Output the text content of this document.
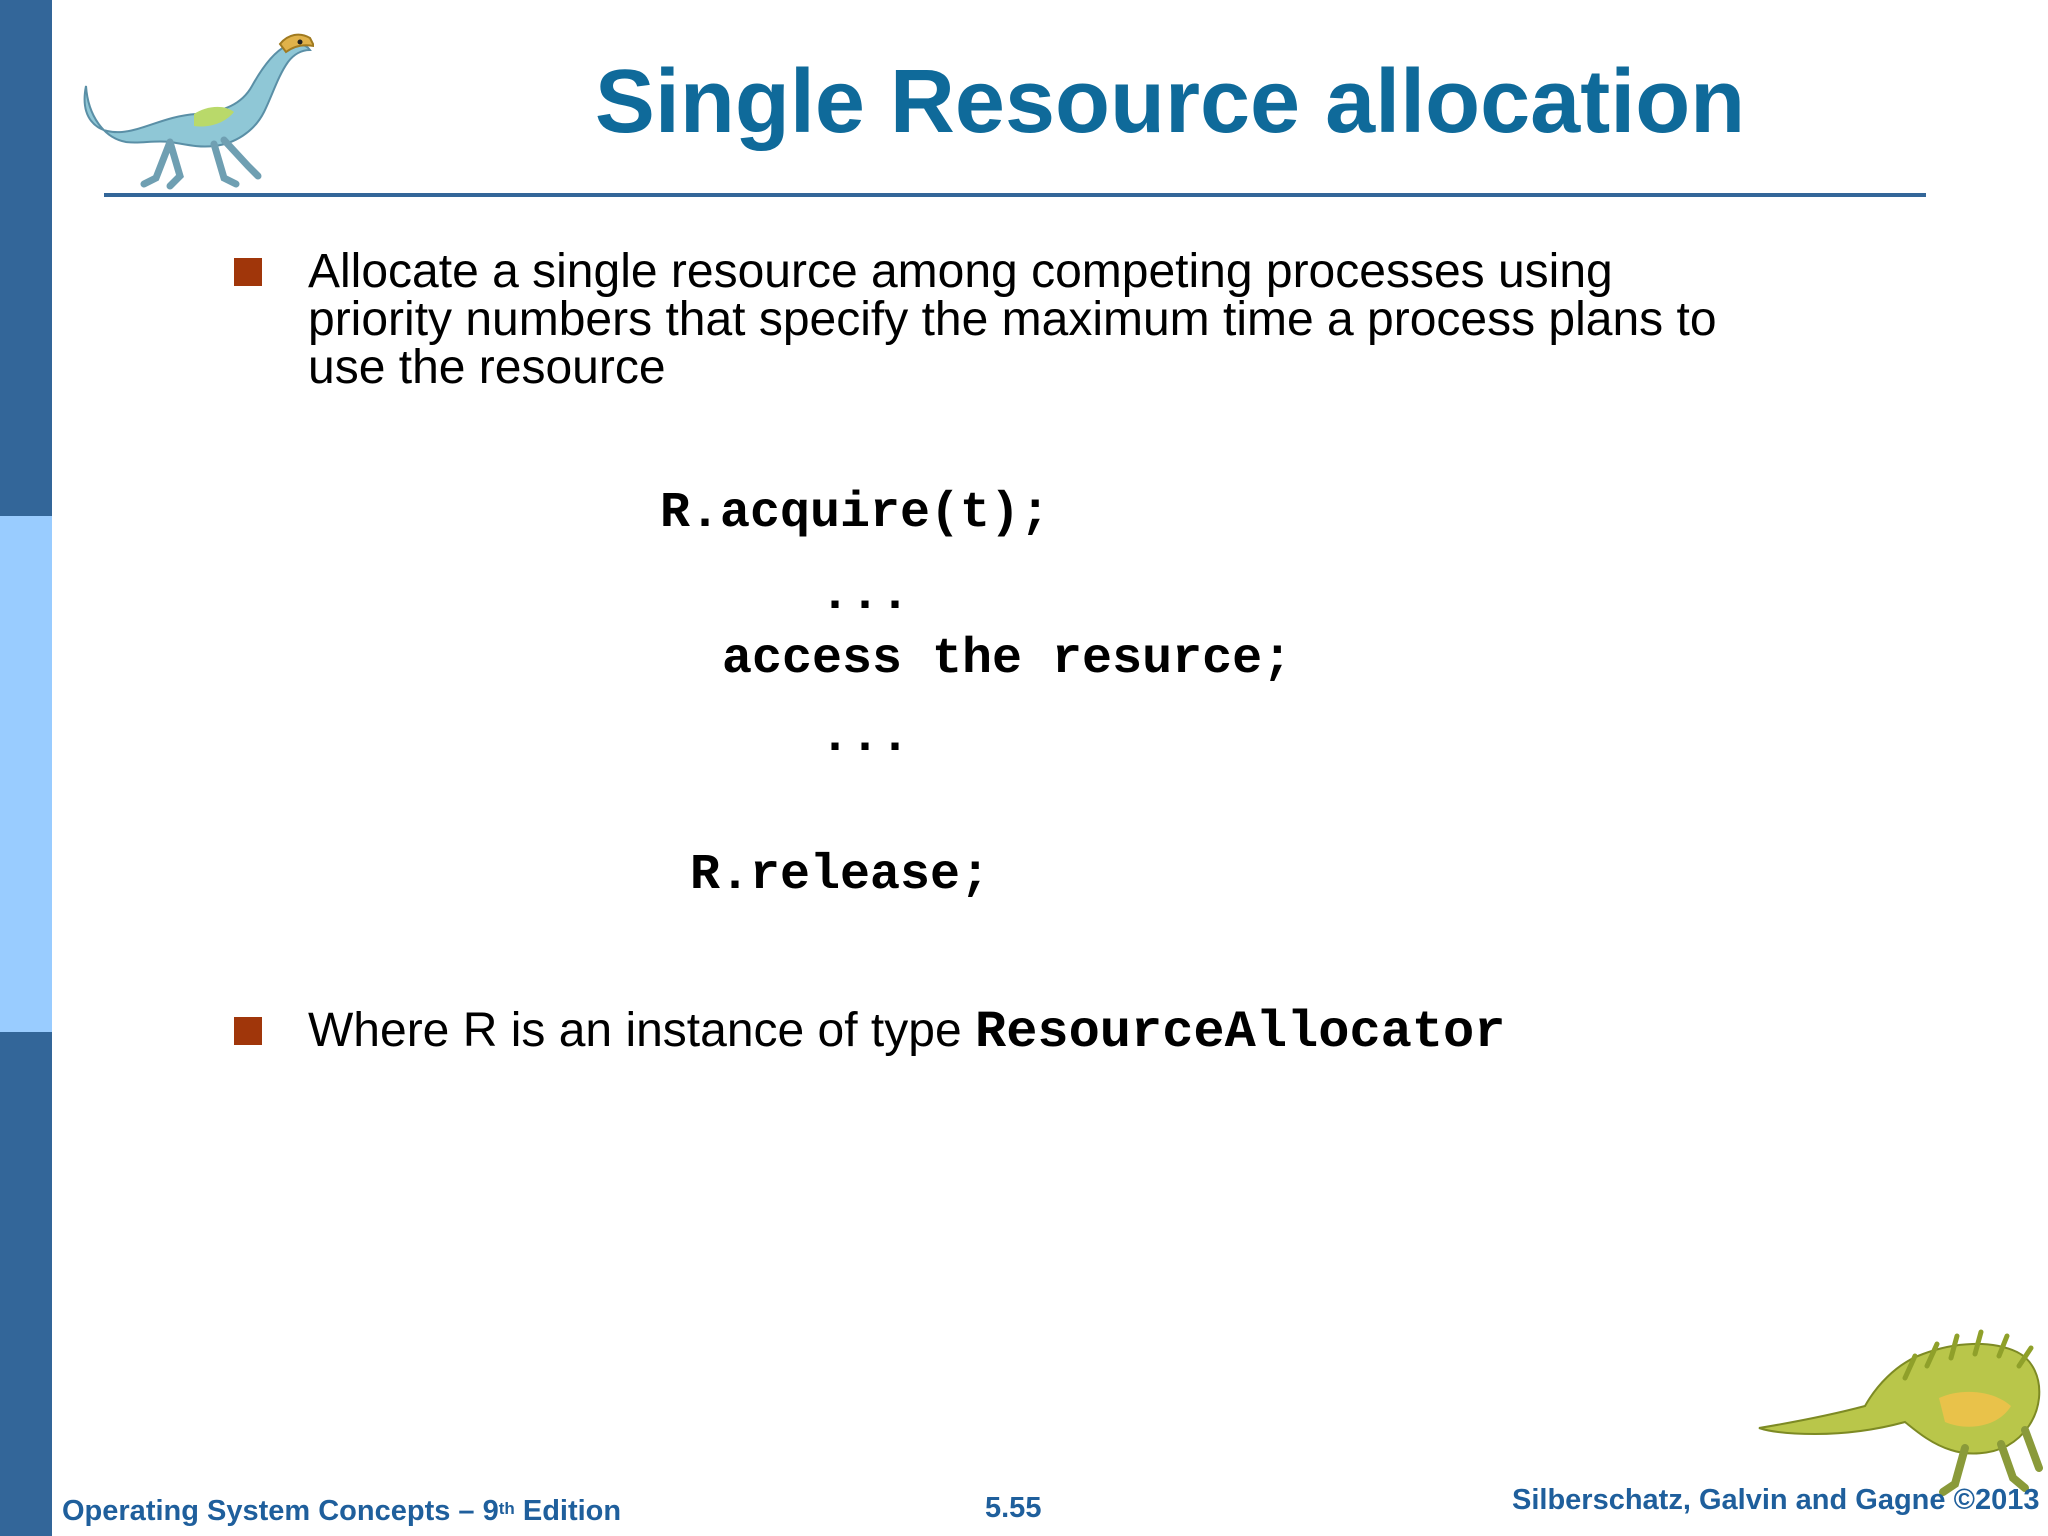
Single Resource allocation
Allocate a single resource among competing processes using priority numbers that specify the maximum time a process plans to use the resource
R.acquire(t);
...
access the resurce;
...
R.release;
Where R is an instance of type ResourceAllocator
Operating System Concepts – 9th Edition	5.55	Silberschatz, Galvin and Gagne ©2013
